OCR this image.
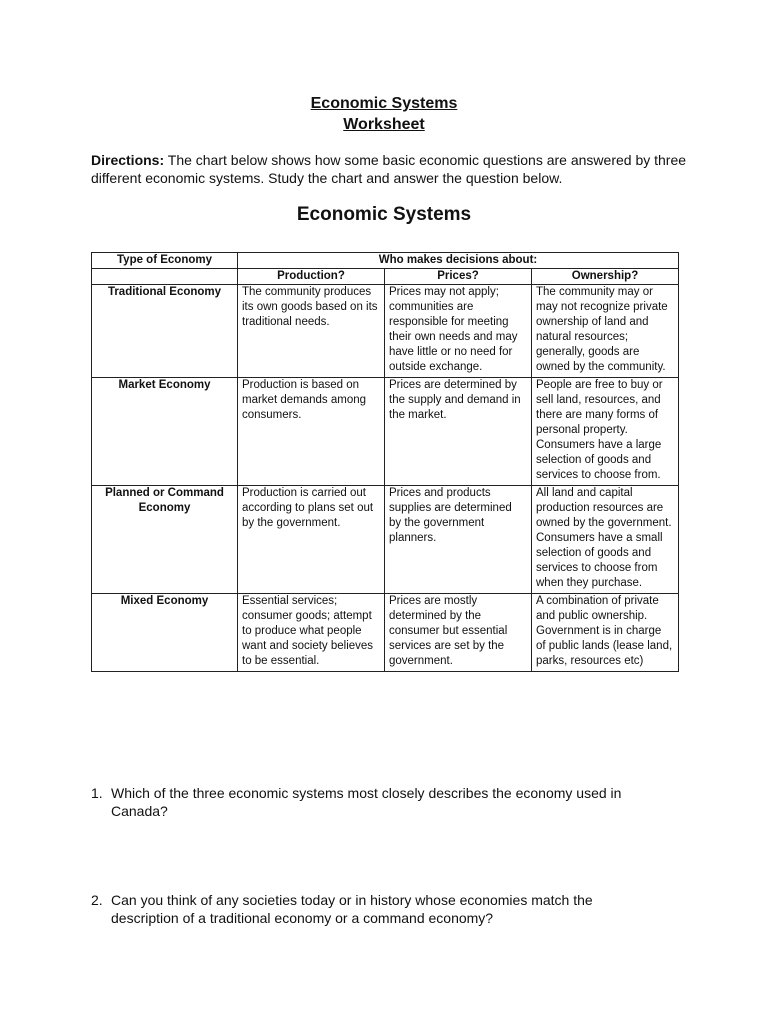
Economic Systems
Worksheet
Directions: The chart below shows how some basic economic questions are answered by three different economic systems. Study the chart and answer the question below.
Economic Systems
Type of Economy	Who makes decisions about:		
	Production?	Prices?	Ownership?
Traditional Economy	The community produces its own goods based on its traditional needs.	Prices may not apply; communities are responsible for meeting their own needs and may have little or no need for outside exchange.	The community may or may not recognize private ownership of land and natural resources; generally, goods are owned by the community.
Market Economy	Production is based on market demands among consumers.	Prices are determined by the supply and demand in the market.	People are free to buy or sell land, resources, and there are many forms of personal property. Consumers have a large selection of goods and services to choose from.
Planned or Command Economy	Production is carried out according to plans set out by the government.	Prices and products supplies are determined by the government planners.	All land and capital production resources are owned by the government. Consumers have a small selection of goods and services to choose from when they purchase.
Mixed Economy	Essential services; consumer goods; attempt to produce what people want and society believes to be essential.	Prices are mostly determined by the consumer but essential services are set by the government.	A combination of private and public ownership. Government is in charge of public lands (lease land, parks, resources etc)
1. Which of the three economic systems most closely describes the economy used in
Canada?
2. Can you think of any societies today or in history whose economies match the
description of a traditional economy or a command economy?
